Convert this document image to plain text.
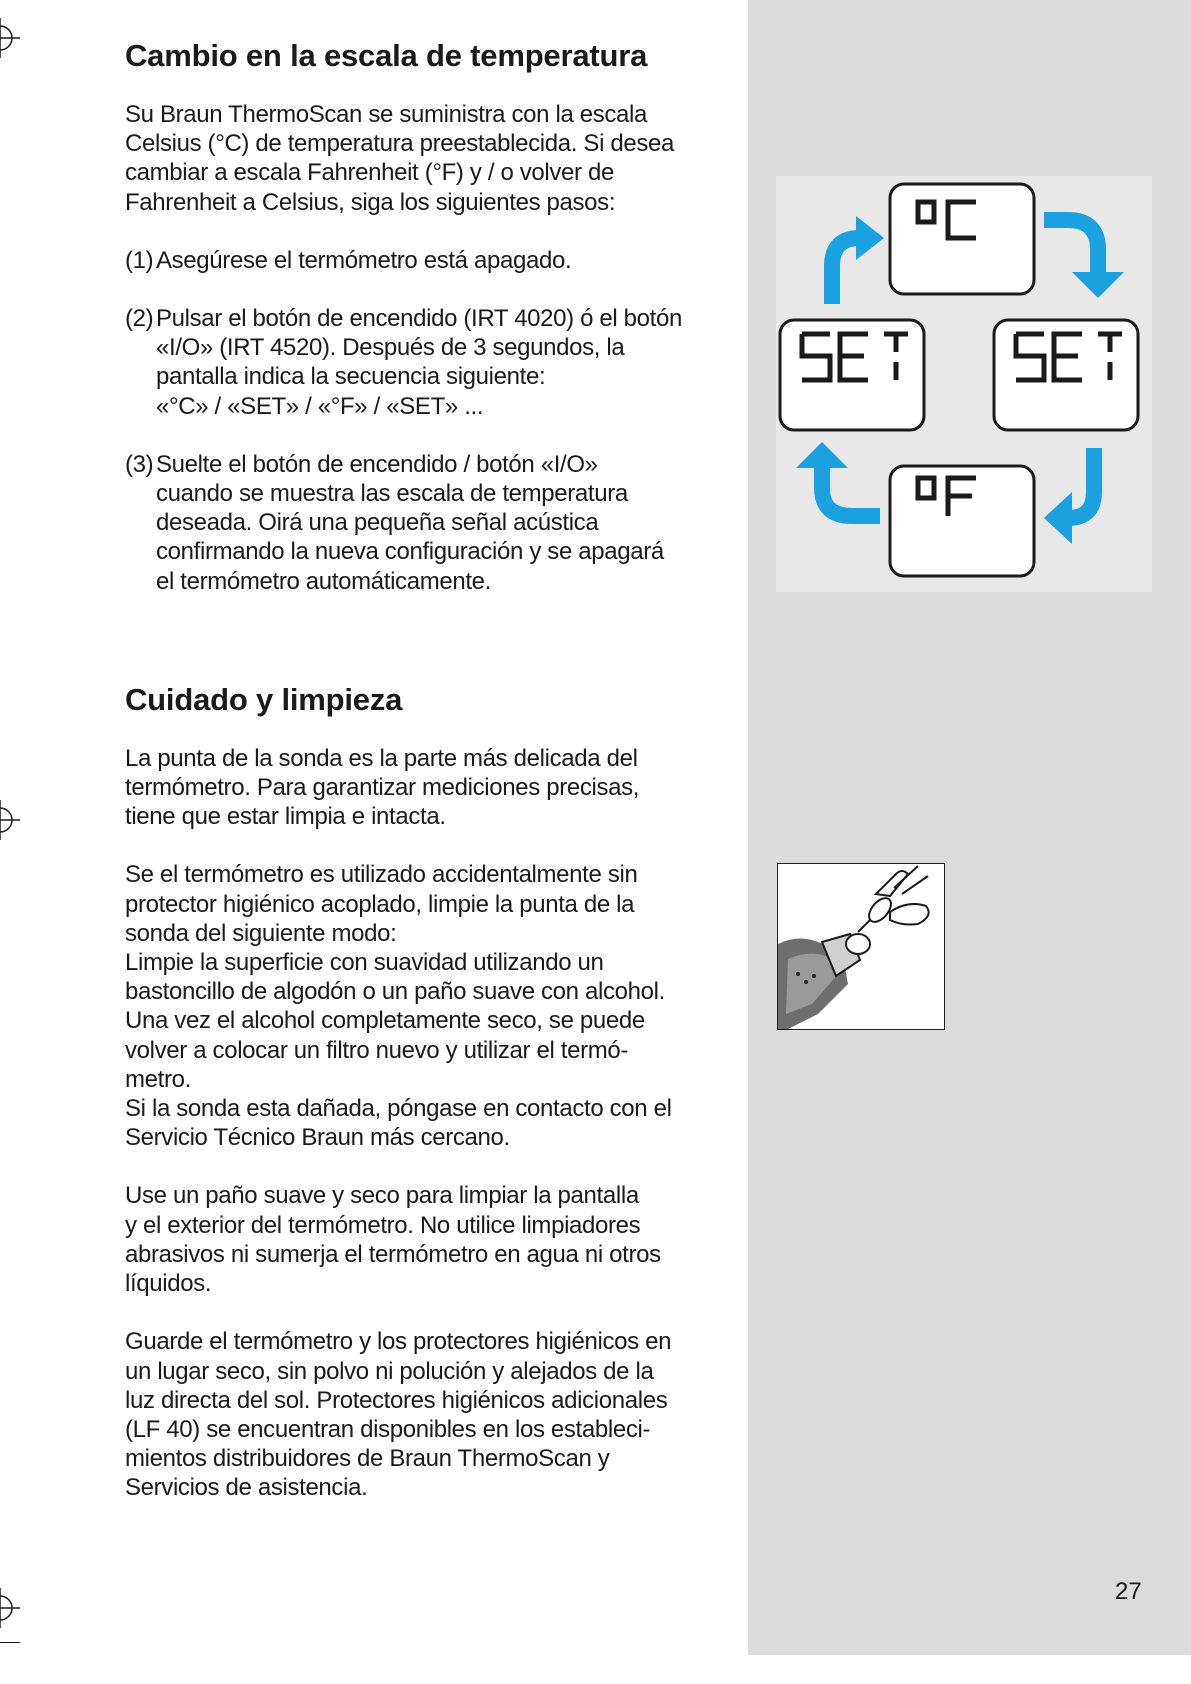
Cambio en la escala de temperatura

Su Braun ThermoScan se suministra con la escala

Celsius (°C) de temperatura preestablecida. Si desea

cambiar a escala Fahrenheit (°F) y / o volver de

Fahrenheit a Celsius, siga los siguientes pasos:

(1) Asegúrese el termómetro está apagado.

(2) Pulsar el botón de encendido (IRT 4020) ó el botón

«I/O» (IRT 4520). Después de 3 segundos, la

pantalla indica la secuencia siguiente:

«°C» / «SET» / «°F» / «SET» ...

(3) Suelte el botón de encendido / botón «I/O»

cuando se muestra las escala de temperatura

deseada. Oirá una pequeña señal acústica

confirmando la nueva configuración y se apagará

el termómetro automáticamente.

Cuidado y limpieza

La punta de la sonda es la parte más delicada del

termómetro. Para garantizar mediciones precisas,

tiene que estar limpia e intacta.

Se el termómetro es utilizado accidentalmente sin

protector higiénico acoplado, limpie la punta de la

sonda del siguiente modo:

Limpie la superficie con suavidad utilizando un

bastoncillo de algodón o un paño suave con alcohol.

Una vez el alcohol completamente seco, se puede

volver a colocar un filtro nuevo y utilizar el termó-

metro.

Si la sonda esta dañada, póngase en contacto con el

Servicio Técnico Braun más cercano.

Use un paño suave y seco para limpiar la pantalla

y el exterior del termómetro. No utilice limpiadores

abrasivos ni sumerja el termómetro en agua ni otros

líquidos.

Guarde el termómetro y los protectores higiénicos en

un lugar seco, sin polvo ni polución y alejados de la

luz directa del sol. Protectores higiénicos adicionales

(LF 40) se encuentran disponibles en los estableci-

mientos distribuidores de Braun ThermoScan y

Servicios de asistencia.

27
